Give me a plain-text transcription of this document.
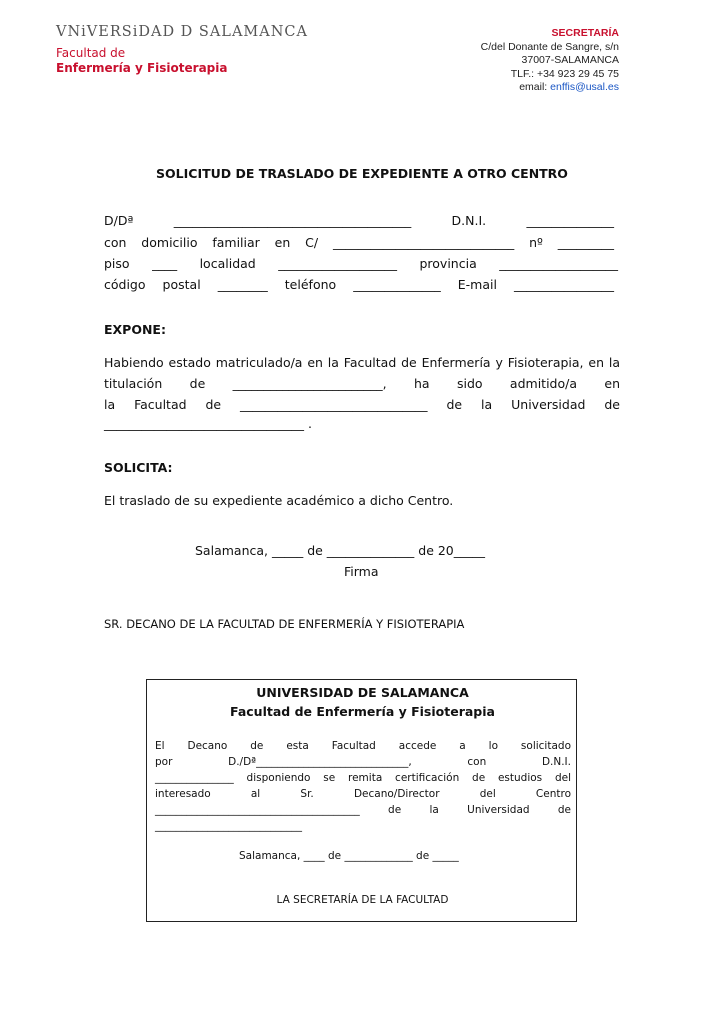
VNiVERSiDAD D SALAMANCA
Facultad de
Enfermería y Fisioterapia
SECRETARÍA
C/del Donante de Sangre, s/n
37007-SALAMANCA
TLF.: +34 923 29 45 75
email: enffis@usal.es
SOLICITUD DE TRASLADO DE EXPEDIENTE A OTRO CENTRO
D/Dª ______________________________________ D.N.I. ______________
con domicilio familiar en C/ _____________________________ nº _________
piso ____ localidad ___________________ provincia ___________________
código postal ________ teléfono ______________ E-mail ________________
EXPONE:
Habiendo estado matriculado/a en la Facultad de Enfermería y Fisioterapia, en la
titulación de ________________________, ha sido admitido/a en
la Facultad de ______________________________ de la Universidad de
________________________________ .
SOLICITA:
El traslado de su expediente académico a dicho Centro.
Salamanca, _____ de ______________ de 20_____
Firma
SR. DECANO DE LA FACULTAD DE ENFERMERÍA Y FISIOTERAPIA
UNIVERSIDAD DE SALAMANCA
Facultad de Enfermería y Fisioterapia
El Decano de esta Facultad accede a lo solicitado
por D./Dª_____________________________, con D.N.I.
_______________ disponiendo se remita certificación de estudios del
interesado al Sr. Decano/Director del Centro
_______________________________________ de la Universidad de
____________________________
Salamanca, ____ de _____________ de _____
LA SECRETARÍA DE LA FACULTAD
